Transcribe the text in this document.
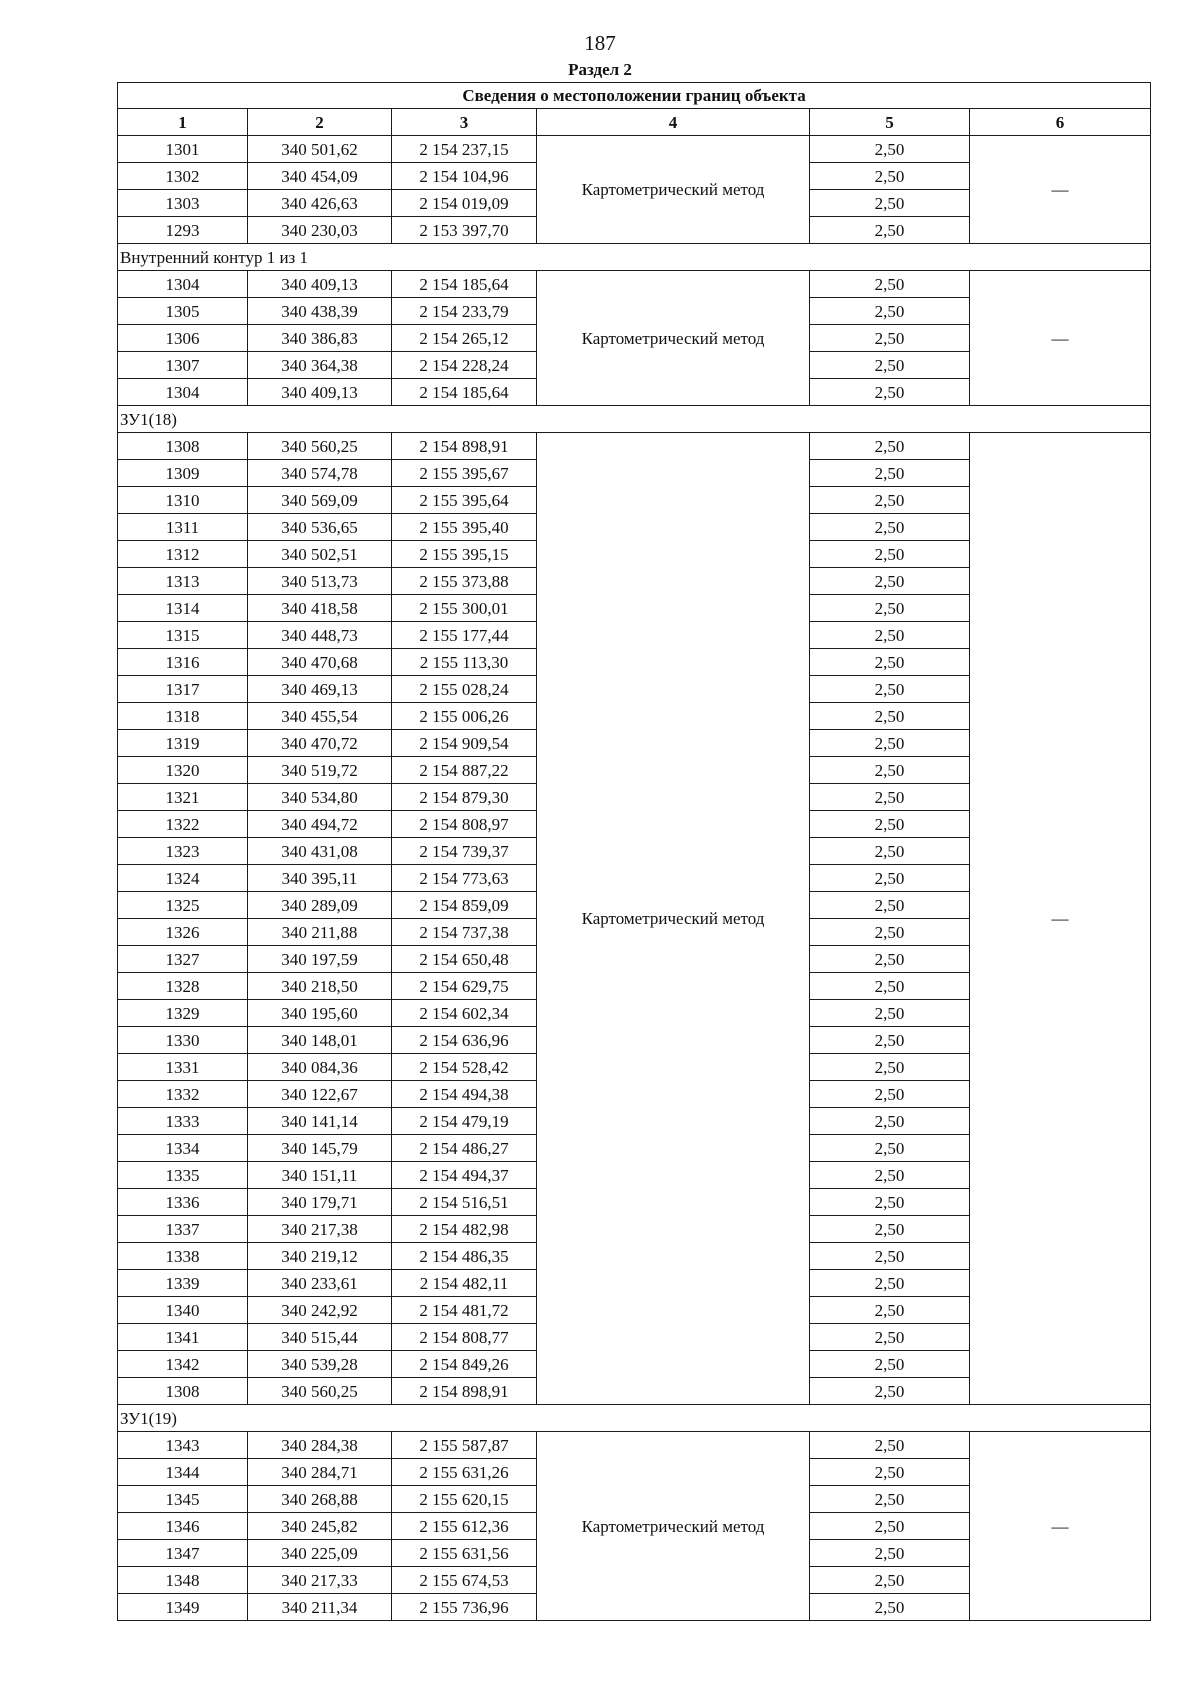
187
Раздел 2
Сведения о местоположении границ объекта					
1	2	3	4	5	6
1301	340 501,62	2 154 237,15	Картометрический метод	2,50	—
1302	340 454,09	2 154 104,96		2,50	
1303	340 426,63	2 154 019,09		2,50	
1293	340 230,03	2 153 397,70		2,50	
Внутренний контур 1 из 1					
1304	340 409,13	2 154 185,64	Картометрический метод	2,50	—
1305	340 438,39	2 154 233,79		2,50	
1306	340 386,83	2 154 265,12		2,50	
1307	340 364,38	2 154 228,24		2,50	
1304	340 409,13	2 154 185,64		2,50	
ЗУ1(18)					
1308	340 560,25	2 154 898,91	Картометрический метод	2,50	—
1309	340 574,78	2 155 395,67		2,50	
1310	340 569,09	2 155 395,64		2,50	
1311	340 536,65	2 155 395,40		2,50	
1312	340 502,51	2 155 395,15		2,50	
1313	340 513,73	2 155 373,88		2,50	
1314	340 418,58	2 155 300,01		2,50	
1315	340 448,73	2 155 177,44		2,50	
1316	340 470,68	2 155 113,30		2,50	
1317	340 469,13	2 155 028,24		2,50	
1318	340 455,54	2 155 006,26		2,50	
1319	340 470,72	2 154 909,54		2,50	
1320	340 519,72	2 154 887,22		2,50	
1321	340 534,80	2 154 879,30		2,50	
1322	340 494,72	2 154 808,97		2,50	
1323	340 431,08	2 154 739,37		2,50	
1324	340 395,11	2 154 773,63		2,50	
1325	340 289,09	2 154 859,09		2,50	
1326	340 211,88	2 154 737,38		2,50	
1327	340 197,59	2 154 650,48		2,50	
1328	340 218,50	2 154 629,75		2,50	
1329	340 195,60	2 154 602,34		2,50	
1330	340 148,01	2 154 636,96		2,50	
1331	340 084,36	2 154 528,42		2,50	
1332	340 122,67	2 154 494,38		2,50	
1333	340 141,14	2 154 479,19		2,50	
1334	340 145,79	2 154 486,27		2,50	
1335	340 151,11	2 154 494,37		2,50	
1336	340 179,71	2 154 516,51		2,50	
1337	340 217,38	2 154 482,98		2,50	
1338	340 219,12	2 154 486,35		2,50	
1339	340 233,61	2 154 482,11		2,50	
1340	340 242,92	2 154 481,72		2,50	
1341	340 515,44	2 154 808,77		2,50	
1342	340 539,28	2 154 849,26		2,50	
1308	340 560,25	2 154 898,91		2,50	
ЗУ1(19)					
1343	340 284,38	2 155 587,87	Картометрический метод	2,50	—
1344	340 284,71	2 155 631,26		2,50	
1345	340 268,88	2 155 620,15		2,50	
1346	340 245,82	2 155 612,36		2,50	
1347	340 225,09	2 155 631,56		2,50	
1348	340 217,33	2 155 674,53		2,50	
1349	340 211,34	2 155 736,96		2,50	
